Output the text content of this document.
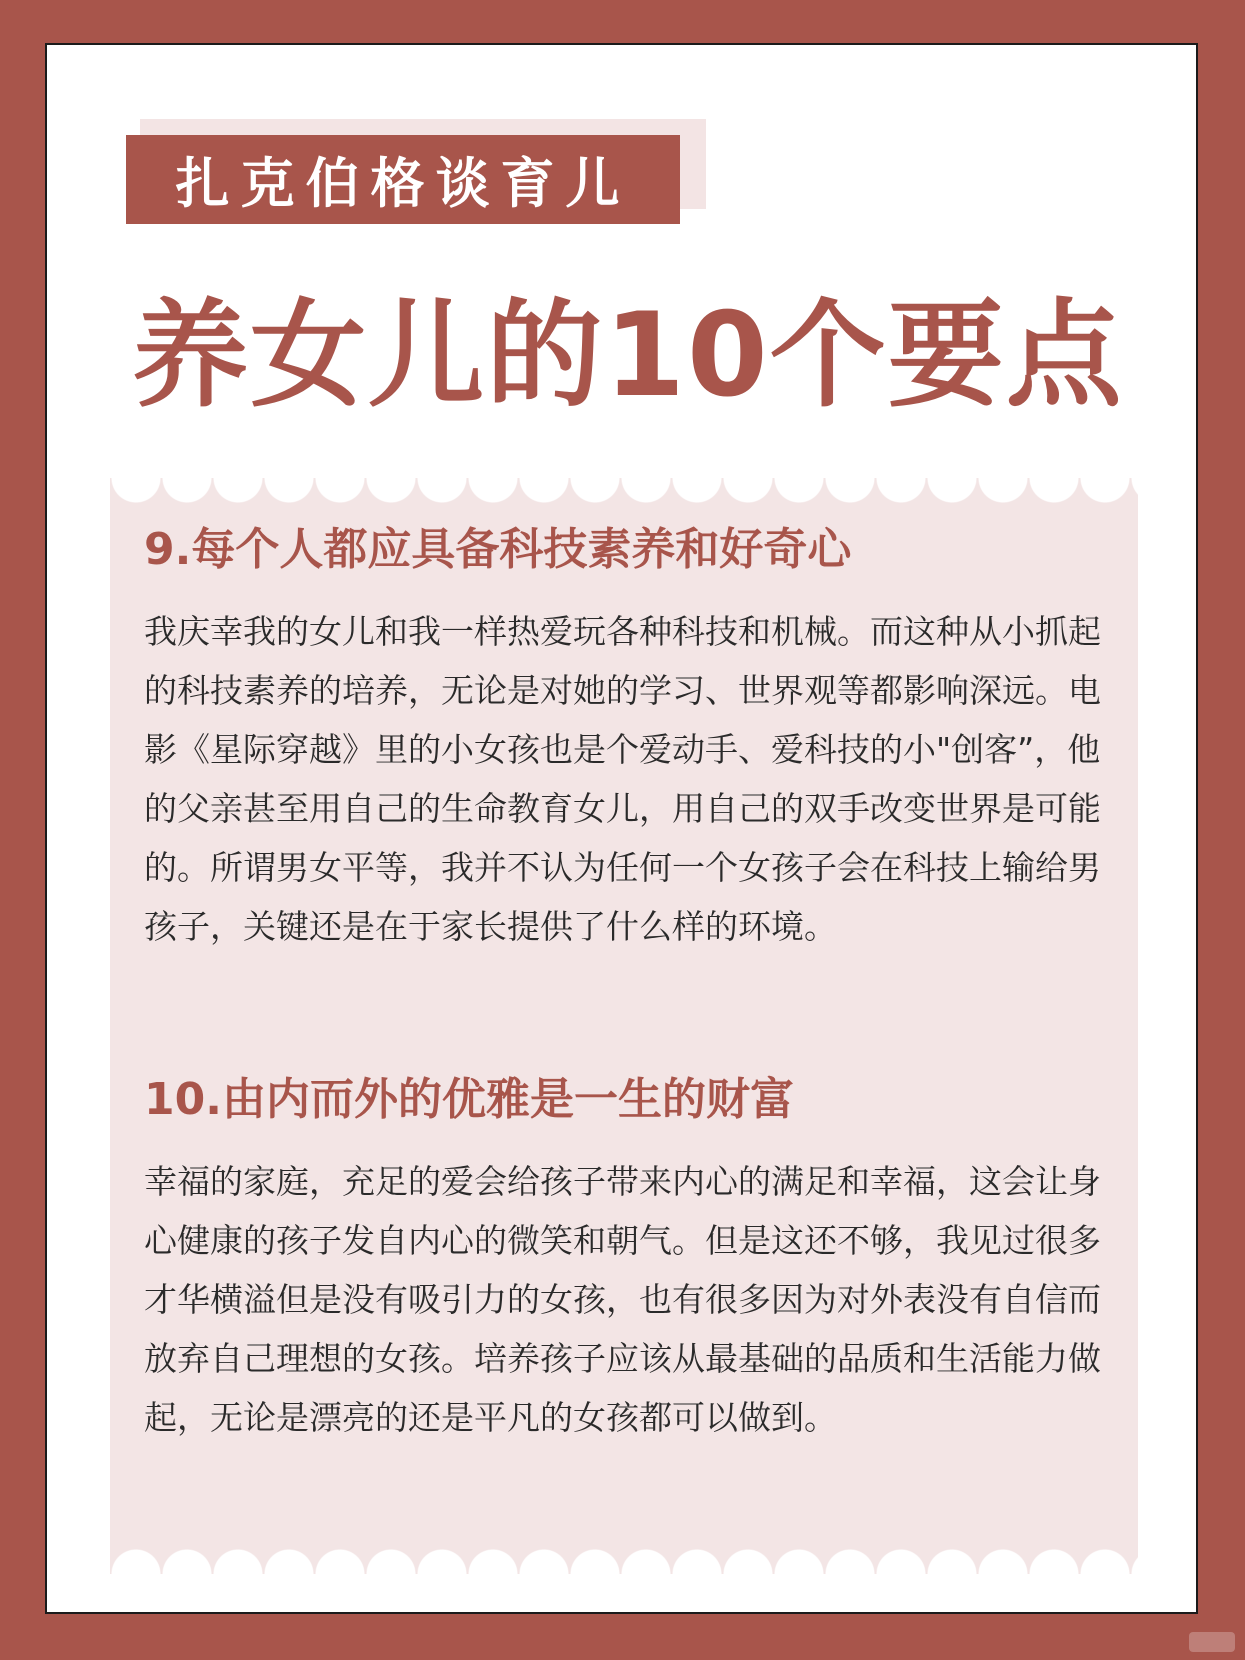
扎克伯格谈育儿
养女儿的10个要点
9.每个人都应具备科技素养和好奇心

我庆幸我的女儿和我一样热爱玩各种科技和机械。而这种从小抓起的科技素养的培养，无论是对她的学习、世界观等都影响深远。电影《星际穿越》里的小女孩也是个爱动手、爱科技的小"创客”，他的父亲甚至用自己的生命教育女儿，用自己的双手改变世界是可能的。所谓男女平等，我并不认为任何一个女孩子会在科技上输给男孩子，关键还是在于家长提供了什么样的环境。

10.由内而外的优雅是一生的财富

幸福的家庭，充足的爱会给孩子带来内心的满足和幸福，这会让身心健康的孩子发自内心的微笑和朝气。但是这还不够，我见过很多才华横溢但是没有吸引力的女孩，也有很多因为对外表没有自信而放弃自己理想的女孩。培养孩子应该从最基础的品质和生活能力做起，无论是漂亮的还是平凡的女孩都可以做到。
